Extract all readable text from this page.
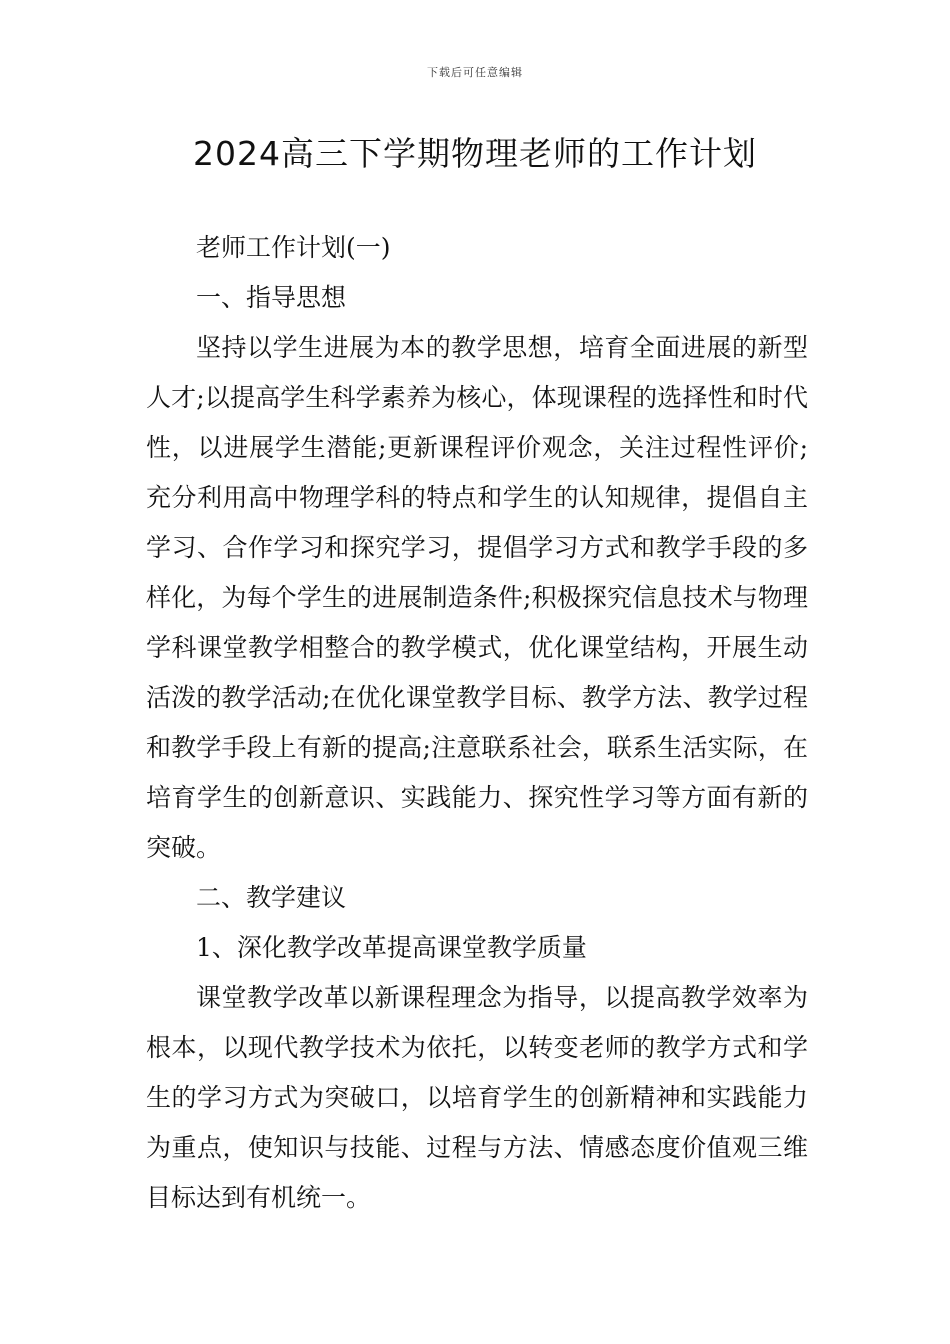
下载后可任意编辑
2024高三下学期物理老师的工作计划

老师工作计划(一)

一、指导思想

坚持以学生进展为本的教学思想，培育全面进展的新型人才;以提高学生科学素养为核心，体现课程的选择性和时代性，以进展学生潜能;更新课程评价观念，关注过程性评价;充分利用高中物理学科的特点和学生的认知规律，提倡自主学习、合作学习和探究学习，提倡学习方式和教学手段的多样化，为每个学生的进展制造条件;积极探究信息技术与物理学科课堂教学相整合的教学模式，优化课堂结构，开展生动活泼的教学活动;在优化课堂教学目标、教学方法、教学过程和教学手段上有新的提高;注意联系社会，联系生活实际，在培育学生的创新意识、实践能力、探究性学习等方面有新的突破。

二、教学建议

1、深化教学改革提高课堂教学质量

课堂教学改革以新课程理念为指导，以提高教学效率为根本，以现代教学技术为依托，以转变老师的教学方式和学生的学习方式为突破口，以培育学生的创新精神和实践能力为重点，使知识与技能、过程与方法、情感态度价值观三维目标达到有机统一。
